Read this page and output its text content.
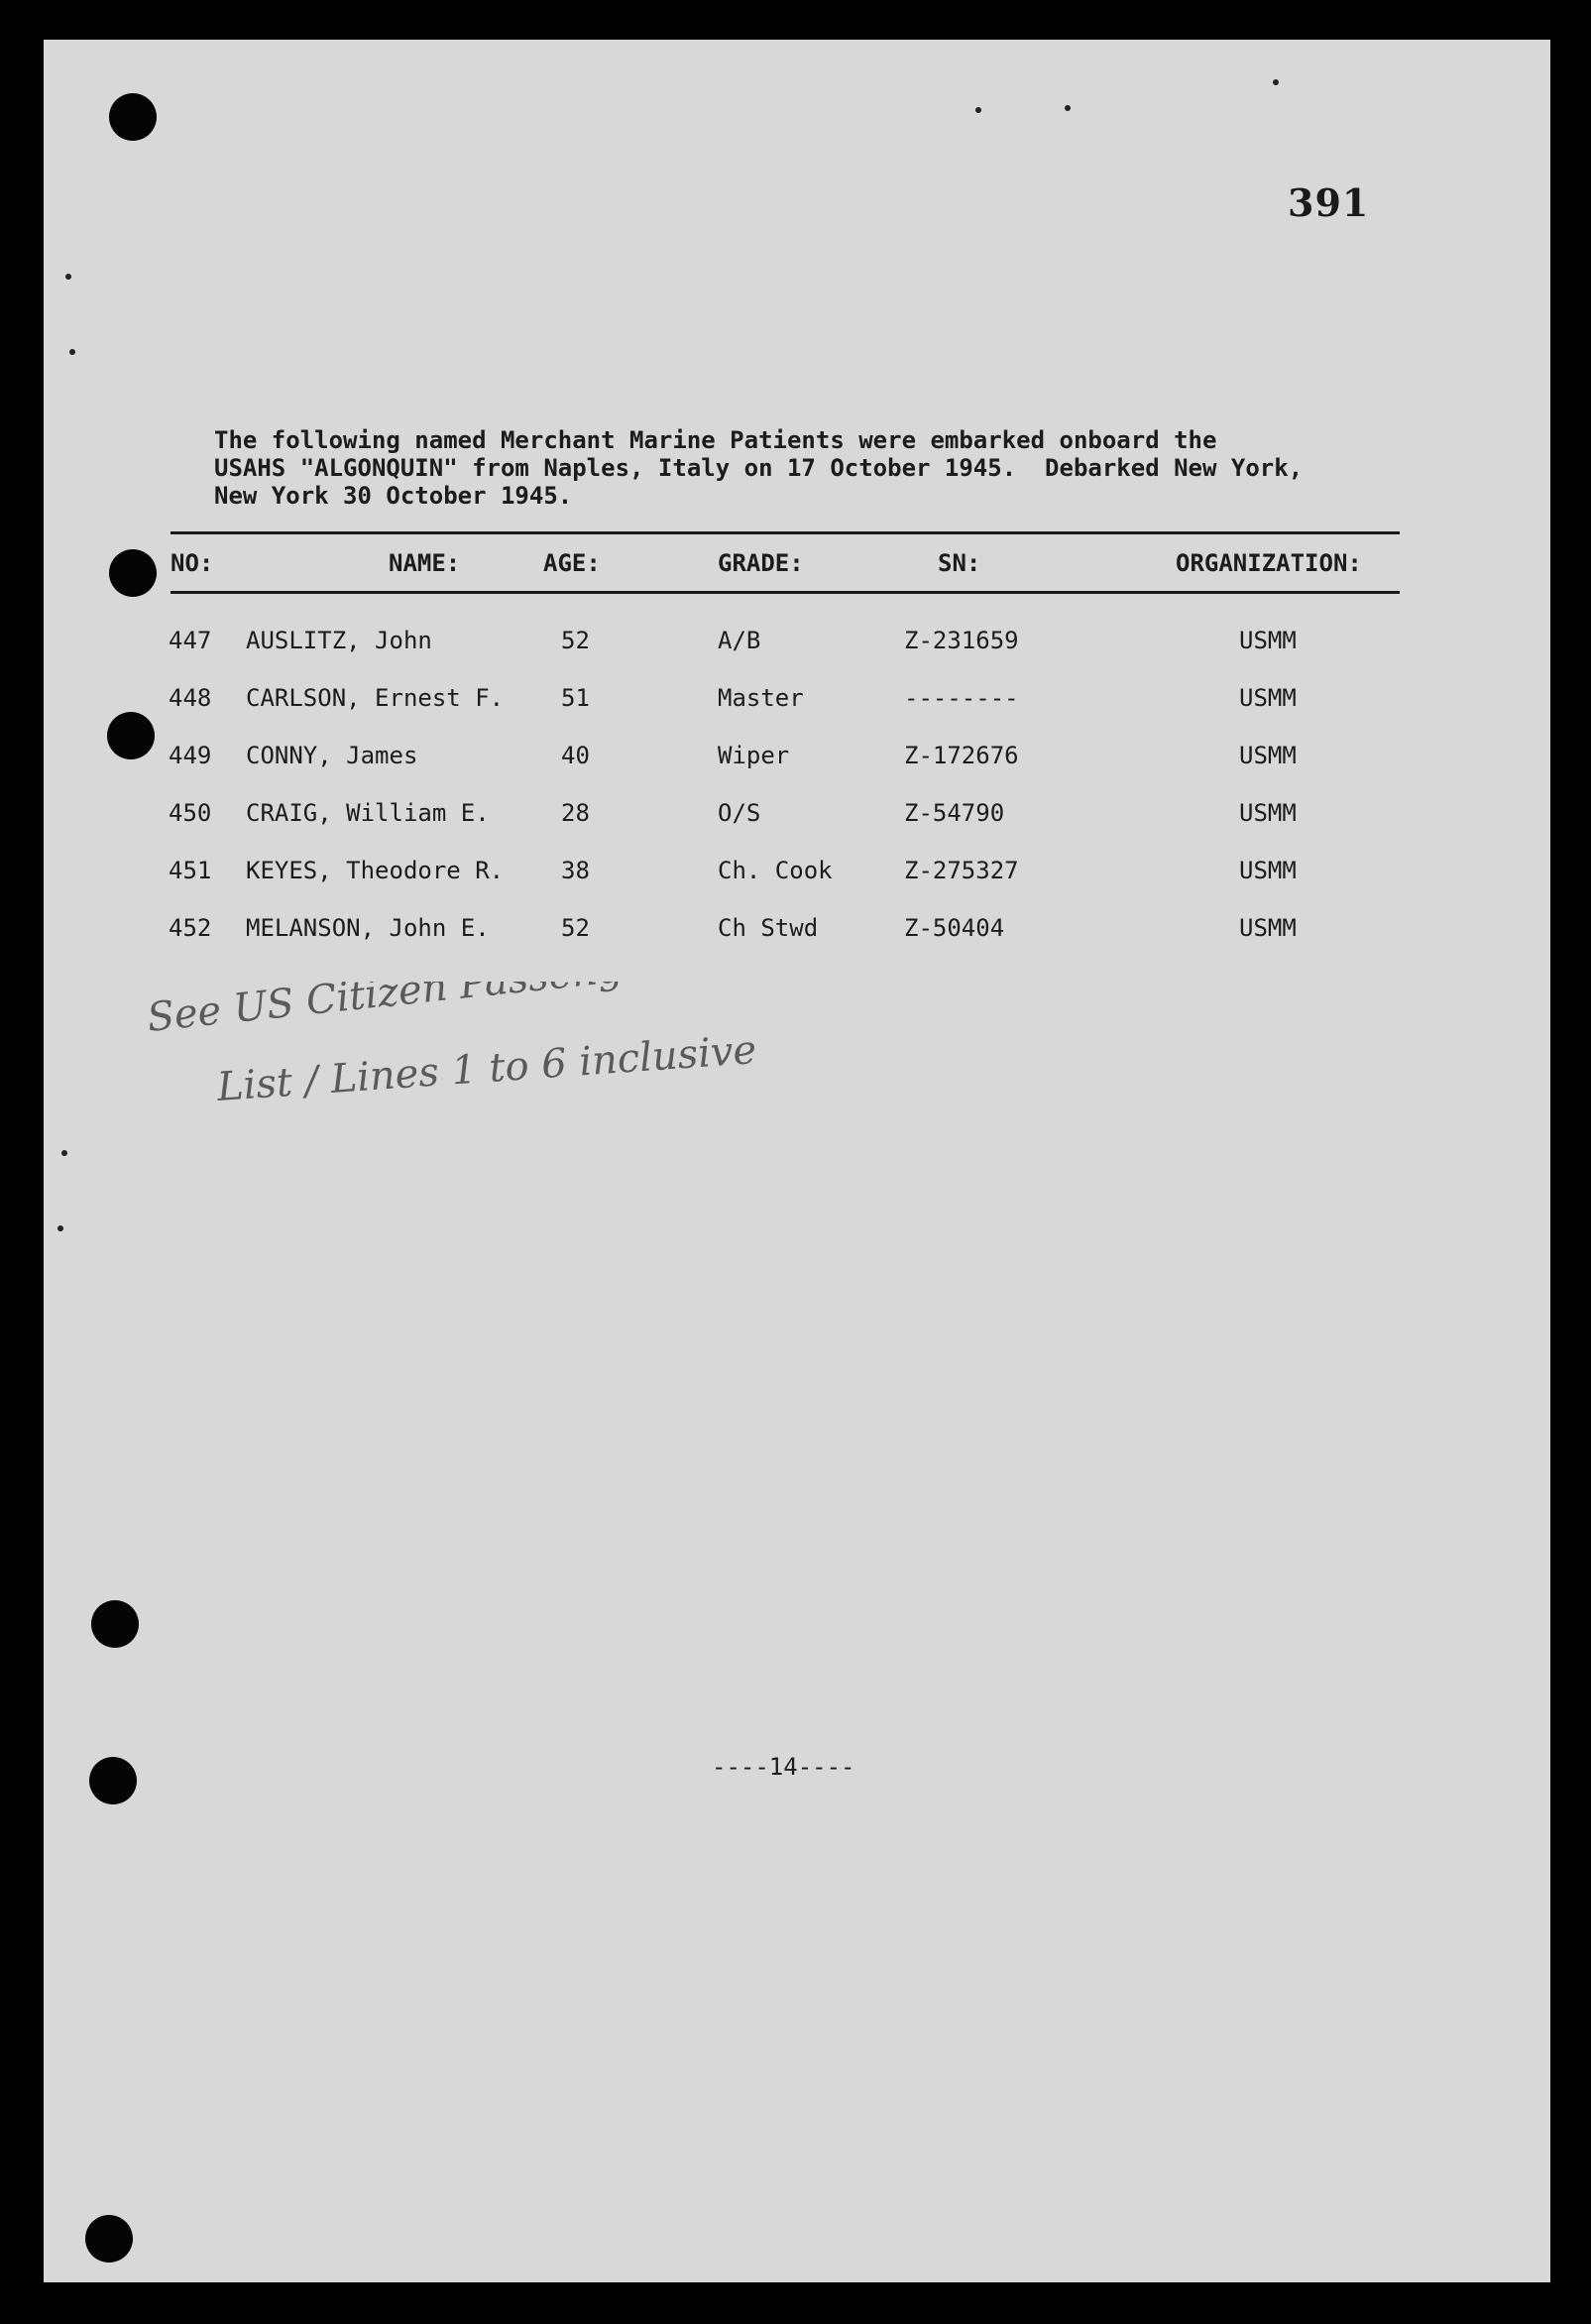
391
The following named Merchant Marine Patients were embarked onboard the
USAHS "ALGONQUIN" from Naples, Italy on 17 October 1945.  Debarked New York,
New York 30 October 1945.
NO:	NAME:	AGE:	GRADE:	SN:	ORGANIZATION:
447 AUSLITZ, John	52	A/B	Z-231659	USMM
448 CARLSON, Ernest F. 51	Master	--------	USMM
449 CONNY, James	40	Wiper	Z-172676	USMM
450 CRAIG, William E.	28	O/S	Z-54790	USMM
451 KEYES, Theodore R. 38	Ch. Cook	Z-275327	USMM
452 MELANSON, John E.	52	Ch Stwd	Z-50404	USMM
See US Citizen Passengers
List / Lines 1 to 6 inclusive
----14----
